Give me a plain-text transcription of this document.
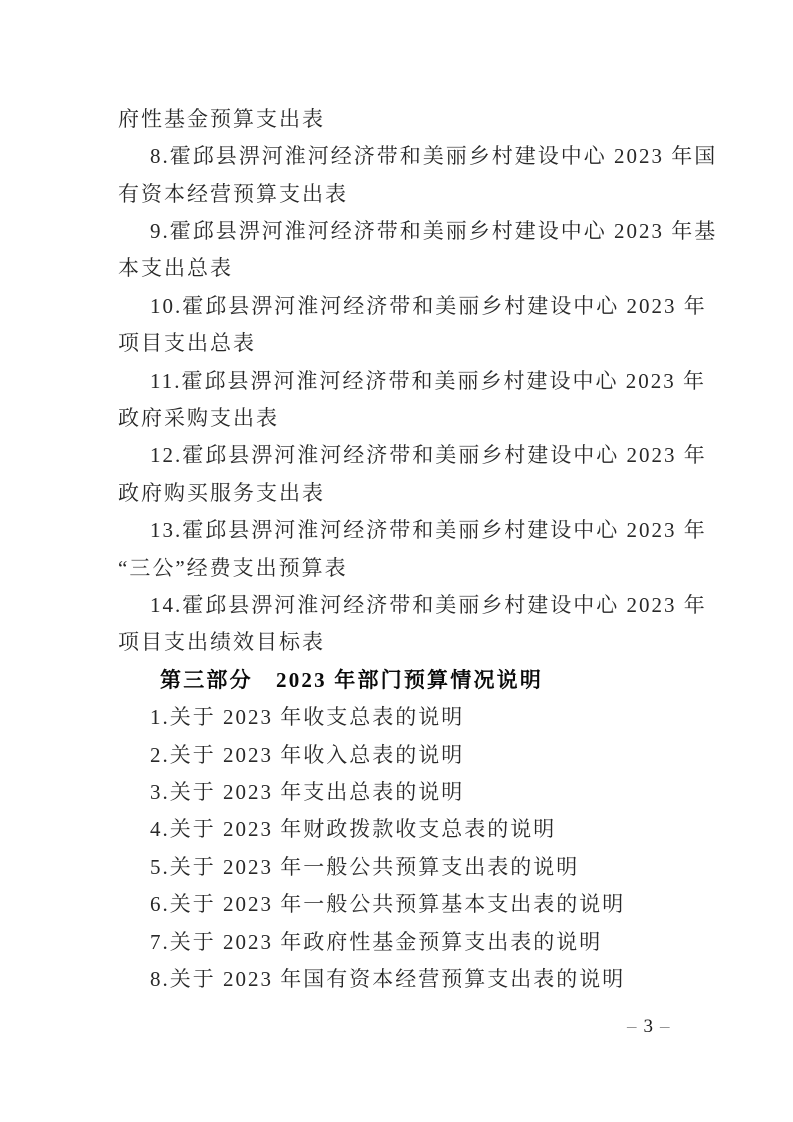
府性基金预算支出表
8.霍邱县淠河淮河经济带和美丽乡村建设中心 2023 年国
有资本经营预算支出表
9.霍邱县淠河淮河经济带和美丽乡村建设中心 2023 年基
本支出总表
10.霍邱县淠河淮河经济带和美丽乡村建设中心 2023 年
项目支出总表
11.霍邱县淠河淮河经济带和美丽乡村建设中心 2023 年
政府采购支出表
12.霍邱县淠河淮河经济带和美丽乡村建设中心 2023 年
政府购买服务支出表
13.霍邱县淠河淮河经济带和美丽乡村建设中心 2023 年
“三公”经费支出预算表
14.霍邱县淠河淮河经济带和美丽乡村建设中心 2023 年
项目支出绩效目标表
第三部分　2023 年部门预算情况说明
1.关于 2023 年收支总表的说明
2.关于 2023 年收入总表的说明
3.关于 2023 年支出总表的说明
4.关于 2023 年财政拨款收支总表的说明
5.关于 2023 年一般公共预算支出表的说明
6.关于 2023 年一般公共预算基本支出表的说明
7.关于 2023 年政府性基金预算支出表的说明
8.关于 2023 年国有资本经营预算支出表的说明
– 3 –
